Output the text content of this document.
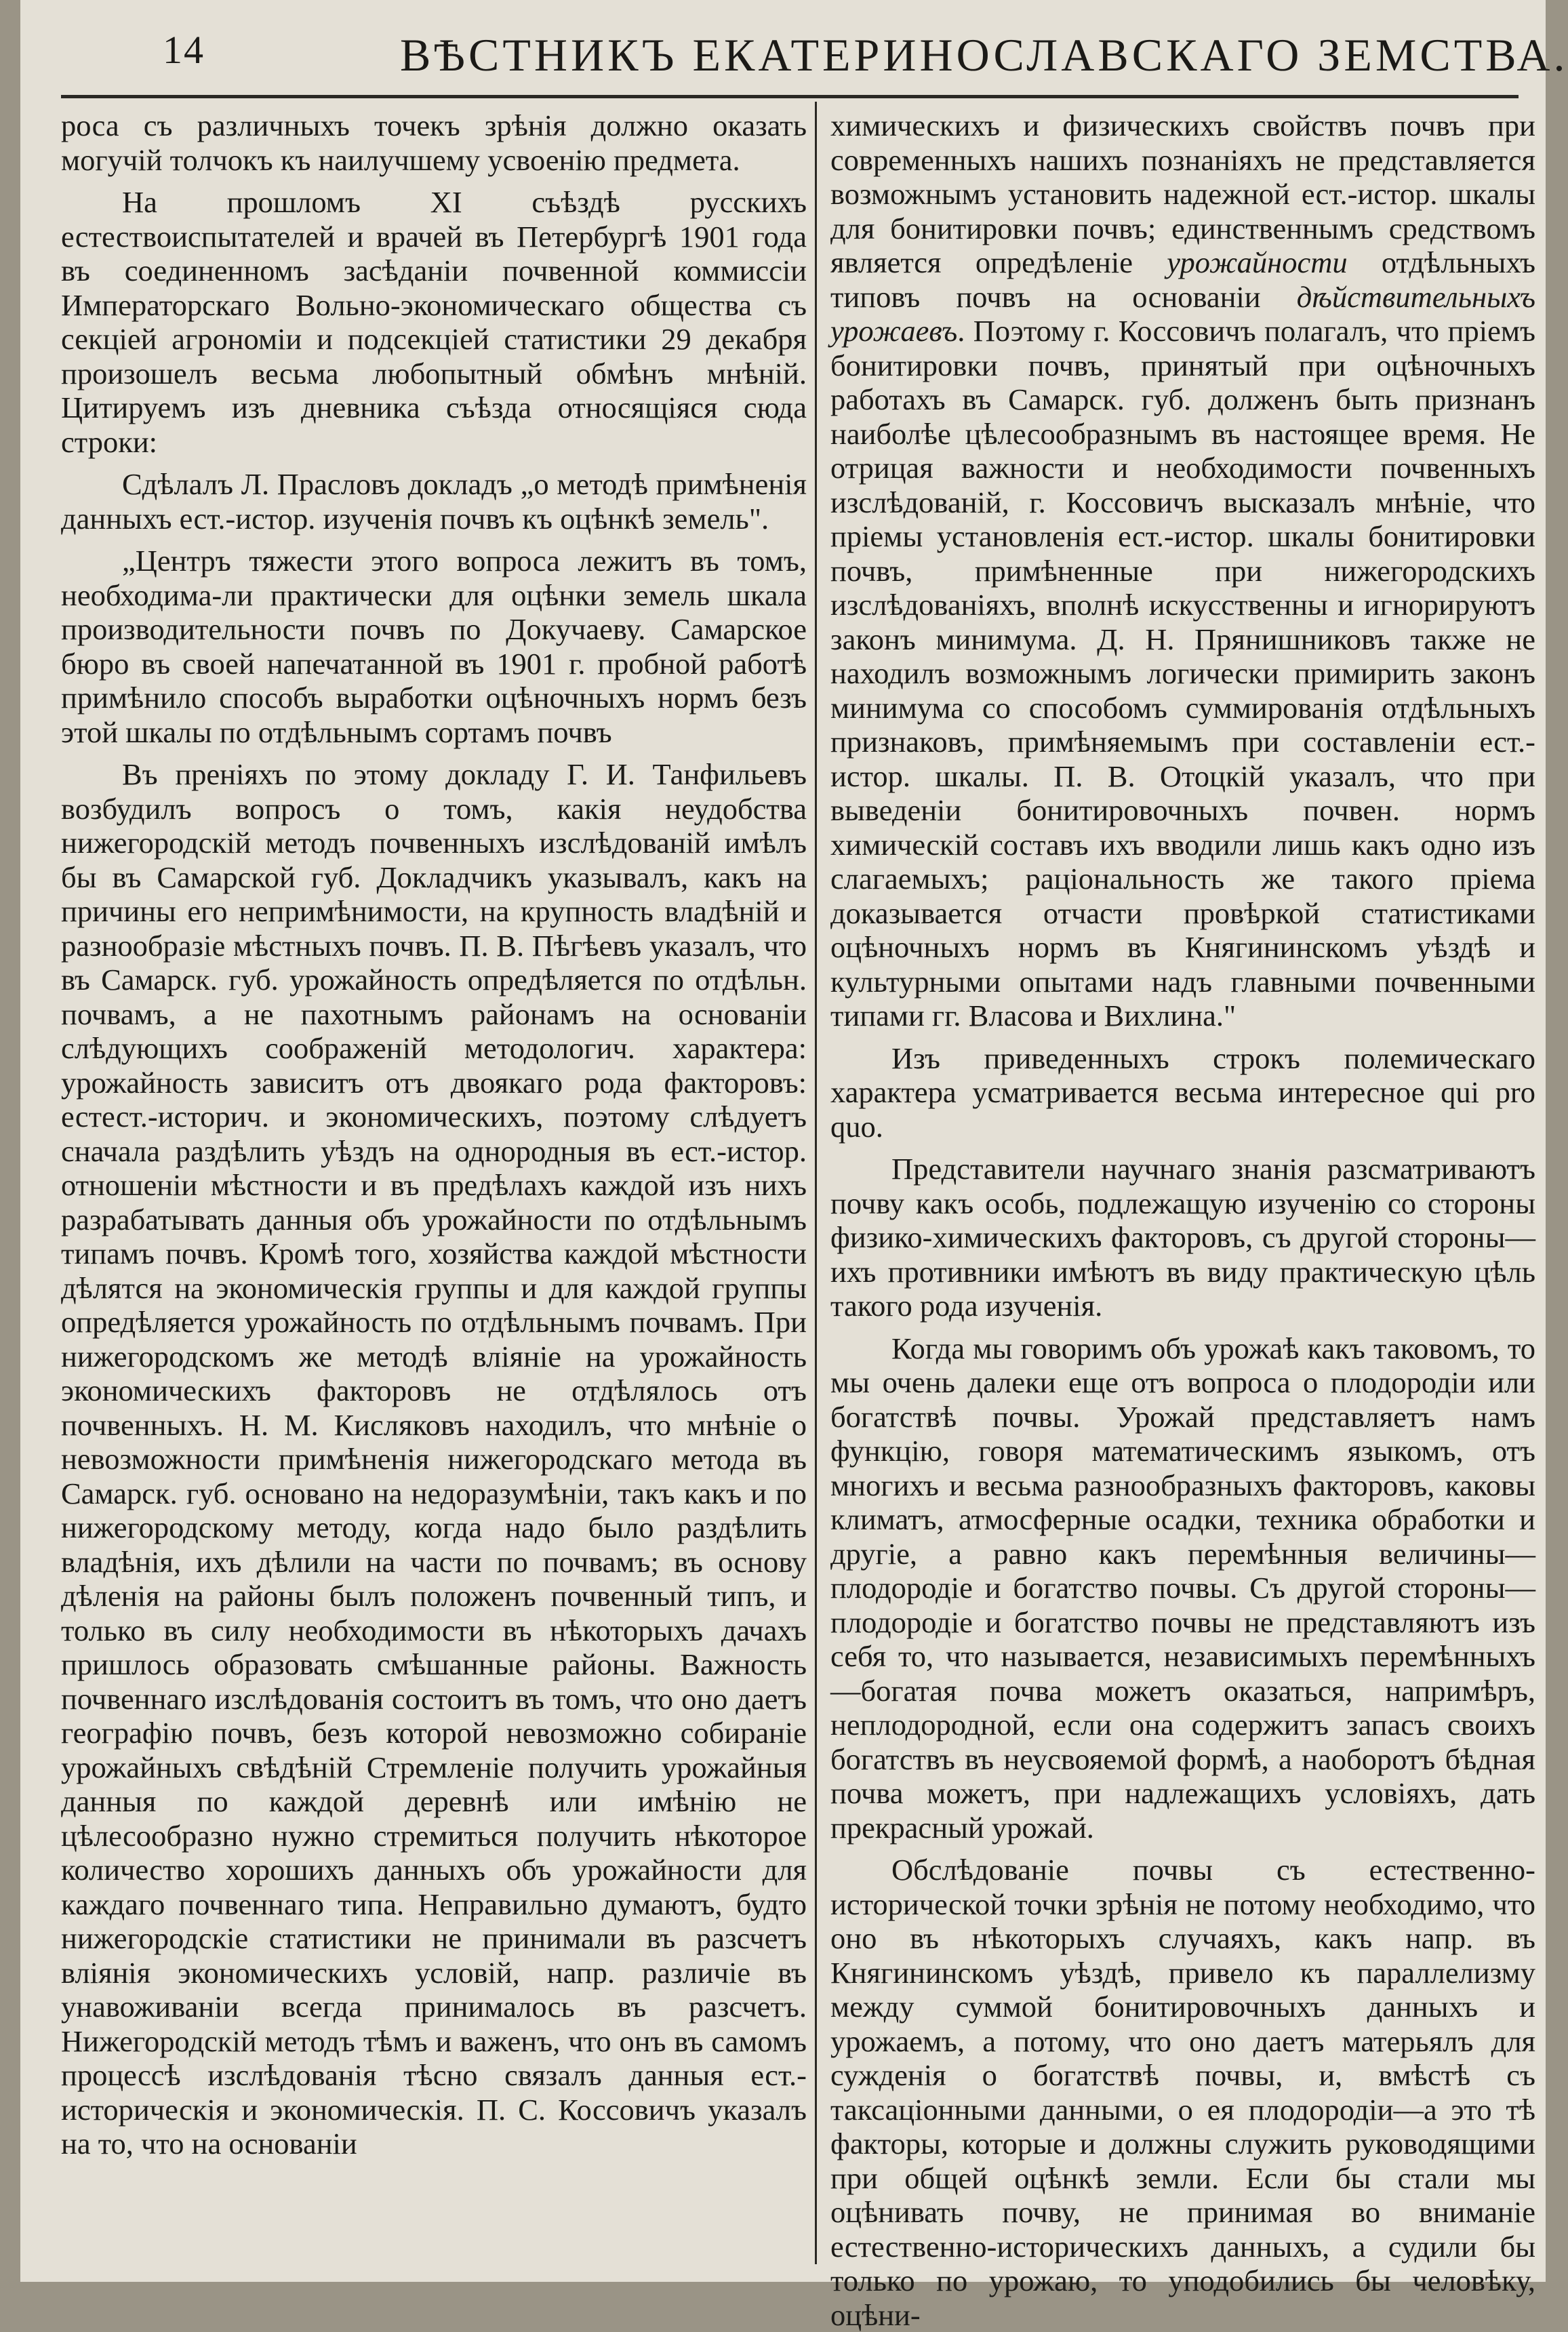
14	ВѢСТНИКЪ ЕКАТЕРИНОСЛАВСКАГО ЗЕМСТВА.

роса съ различныхъ точекъ зрѣнія должно оказать могучій толчокъ къ наилучшему усвоенію предмета.

На прошломъ XI съѣздѣ русскихъ естествоиспытателей и врачей въ Петербургѣ 1901 года въ соединенномъ засѣданіи почвенной коммиссіи Императорскаго Вольно-экономическаго общества съ секціей агрономіи и подсекціей статистики 29 декабря произошелъ весьма любопытный обмѣнъ мнѣній. Цитируемъ изъ дневника съѣзда относящіяся сюда строки:

Сдѣлалъ Л. Прасловъ докладъ „о методѣ примѣненія данныхъ ест.-истор. изученія почвъ къ оцѣнкѣ земель".

„Центръ тяжести этого вопроса лежитъ въ томъ, необходима-ли практически для оцѣнки земель шкала производительности почвъ по Докучаеву. Самарское бюро въ своей напечатанной въ 1901 г. пробной работѣ примѣнило способъ выработки оцѣночныхъ нормъ безъ этой шкалы по отдѣльнымъ сортамъ почвъ

Въ преніяхъ по этому докладу Г. И. Танфильевъ возбудилъ вопросъ о томъ, какія неудобства нижегородскій методъ почвенныхъ изслѣдованій имѣлъ бы въ Самарской губ. Докладчикъ указывалъ, какъ на причины его непримѣнимости, на крупность владѣній и разнообразіе мѣстныхъ почвъ. П. В. Пѣгѣевъ указалъ, что въ Самарск. губ. урожайность опредѣляется по отдѣльн. почвамъ, а не пахотнымъ районамъ на основаніи слѣдующихъ соображеній методологич. характера: урожайность зависитъ отъ двоякаго рода факторовъ: естест.-историч. и экономическихъ, поэтому слѣдуетъ сначала раздѣлить уѣздъ на однородныя въ ест.-истор. отношеніи мѣстности и въ предѣлахъ каждой изъ нихъ разрабатывать данныя объ урожайности по отдѣльнымъ типамъ почвъ. Кромѣ того, хозяйства каждой мѣстности дѣлятся на экономическія группы и для каждой группы опредѣляется урожайность по отдѣльнымъ почвамъ. При нижегородскомъ же методѣ вліяніе на урожайность экономическихъ факторовъ не отдѣлялось отъ почвенныхъ. Н. М. Кисляковъ находилъ, что мнѣніе о невозможности примѣненія нижегородскаго метода въ Самарск. губ. основано на недоразумѣніи, такъ какъ и по нижегородскому методу, когда надо было раздѣлить владѣнія, ихъ дѣлили на части по почвамъ; въ основу дѣленія на районы былъ положенъ почвенный типъ, и только въ силу необходимости въ нѣкоторыхъ дачахъ пришлось образовать смѣшанные районы. Важность почвеннаго изслѣдованія состоитъ въ томъ, что оно даетъ географію почвъ, безъ которой невозможно собираніе урожайныхъ свѣдѣній Стремленіе получить урожайныя данныя по каждой деревнѣ или имѣнію не цѣлесообразно нужно стремиться получить нѣкоторое количество хорошихъ данныхъ объ урожайности для каждаго почвеннаго типа. Неправильно думаютъ, будто нижегородскіе статистики не принимали въ разсчетъ вліянія экономическихъ условій, напр. различіе въ унавоживаніи всегда принималось въ разсчетъ. Нижегородскій методъ тѣмъ и важенъ, что онъ въ самомъ процессѣ изслѣдованія тѣсно связалъ данныя ест.-историческія и экономическія. П. С. Коссовичъ указалъ на то, что на основаніи

химическихъ и физическихъ свойствъ почвъ при современныхъ нашихъ познаніяхъ не представляется возможнымъ установить надежной ест.-истор. шкалы для бонитировки почвъ; единственнымъ средствомъ является опредѣленіе урожайности отдѣльныхъ типовъ почвъ на основаніи дѣйствительныхъ урожаевъ. Поэтому г. Коссовичъ полагалъ, что пріемъ бонитировки почвъ, принятый при оцѣночныхъ работахъ въ Самарск. губ. долженъ быть признанъ наиболѣе цѣлесообразнымъ въ настоящее время. Не отрицая важности и необходимости почвенныхъ изслѣдованій, г. Коссовичъ высказалъ мнѣніе, что пріемы установленія ест.-истор. шкалы бонитировки почвъ, примѣненные при нижегородскихъ изслѣдованіяхъ, вполнѣ искусственны и игнорируютъ законъ минимума. Д. Н. Прянишниковъ также не находилъ возможнымъ логически примирить законъ минимума со способомъ суммированія отдѣльныхъ признаковъ, примѣняемымъ при составленіи ест.-истор. шкалы. П. В. Отоцкій указалъ, что при выведеніи бонитировочныхъ почвен. нормъ химическій составъ ихъ вводили лишь какъ одно изъ слагаемыхъ; раціональность же такого пріема доказывается отчасти провѣркой статистиками оцѣночныхъ нормъ въ Княгининскомъ уѣздѣ и культурными опытами надъ главными почвенными типами гг. Власова и Вихлина."

Изъ приведенныхъ строкъ полемическаго характера усматривается весьма интересное qui pro quo.

Представители научнаго знанія разсматриваютъ почву какъ особь, подлежащую изученію со стороны физико-химическихъ факторовъ, съ другой стороны—ихъ противники имѣютъ въ виду практическую цѣль такого рода изученія.

Когда мы говоримъ объ урожаѣ какъ таковомъ, то мы очень далеки еще отъ вопроса о плодородіи или богатствѣ почвы. Урожай представляетъ намъ функцію, говоря математическимъ языкомъ, отъ многихъ и весьма разнообразныхъ факторовъ, каковы климатъ, атмосферные осадки, техника обработки и другіе, а равно какъ перемѣнныя величины—плодородіе и богатство почвы. Съ другой стороны—плодородіе и богатство почвы не представляютъ изъ себя то, что называется, независимыхъ перемѣнныхъ—богатая почва можетъ оказаться, напримѣръ, неплодородной, если она содержитъ запасъ своихъ богатствъ въ неусвояемой формѣ, а наоборотъ бѣдная почва можетъ, при надлежащихъ условіяхъ, дать прекрасный урожай.

Обслѣдованіе почвы съ естественно-исторической точки зрѣнія не потому необходимо, что оно въ нѣкоторыхъ случаяхъ, какъ напр. въ Княгининскомъ уѣздѣ, привело къ параллелизму между суммой бонитировочныхъ данныхъ и урожаемъ, а потому, что оно даетъ матерьялъ для сужденія о богатствѣ почвы, и, вмѣстѣ съ таксаціонными данными, о ея плодородіи—а это тѣ факторы, которые и должны служить руководящими при общей оцѣнкѣ земли. Если бы стали мы оцѣнивать почву, не принимая во вниманіе естественно-историческихъ данныхъ, а судили бы только по урожаю, то уподобились бы человѣку, оцѣни-
